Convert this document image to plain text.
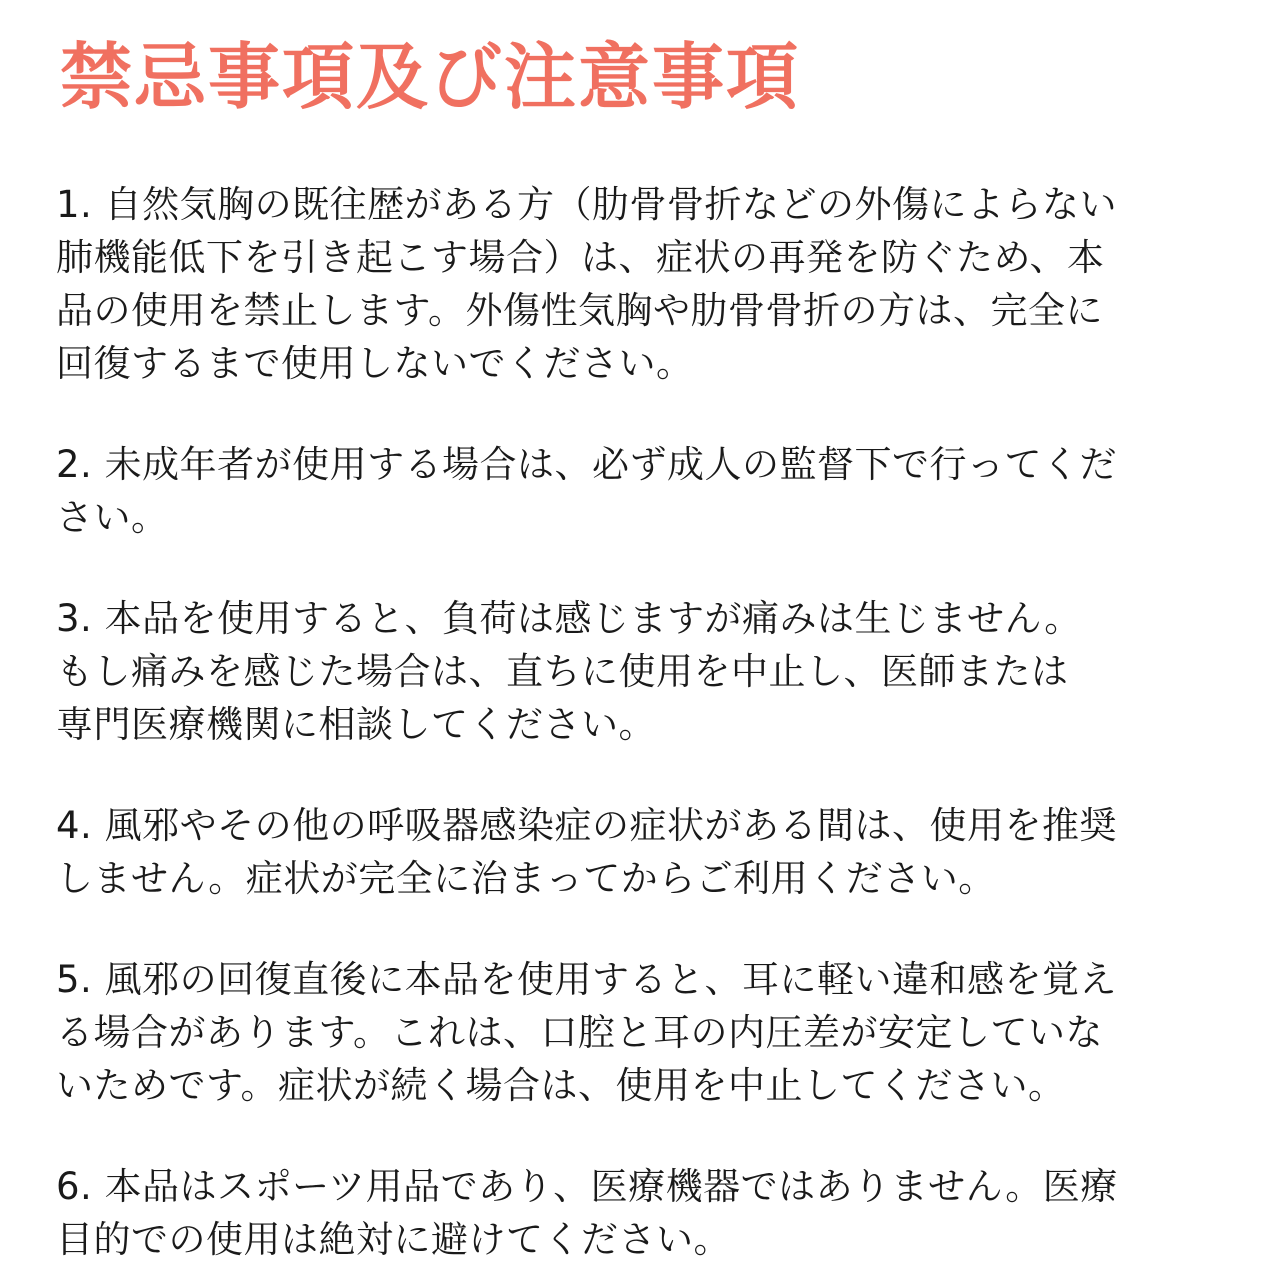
禁忌事項及び注意事項
1. 自然気胸の既往歴がある方（肋骨骨折などの外傷によらない
肺機能低下を引き起こす場合）は、症状の再発を防ぐため、本
品の使用を禁止します。外傷性気胸や肋骨骨折の方は、完全に
回復するまで使用しないでください。
2. 未成年者が使用する場合は、必ず成人の監督下で行ってくだ
さい。
3. 本品を使用すると、負荷は感じますが痛みは生じません。
もし痛みを感じた場合は、直ちに使用を中止し、医師または
専門医療機関に相談してください。
4. 風邪やその他の呼吸器感染症の症状がある間は、使用を推奨
しません。症状が完全に治まってからご利用ください。
5. 風邪の回復直後に本品を使用すると、耳に軽い違和感を覚え
る場合があります。これは、口腔と耳の内圧差が安定していな
いためです。症状が続く場合は、使用を中止してください。
6. 本品はスポーツ用品であり、医療機器ではありません。医療
目的での使用は絶対に避けてください。
